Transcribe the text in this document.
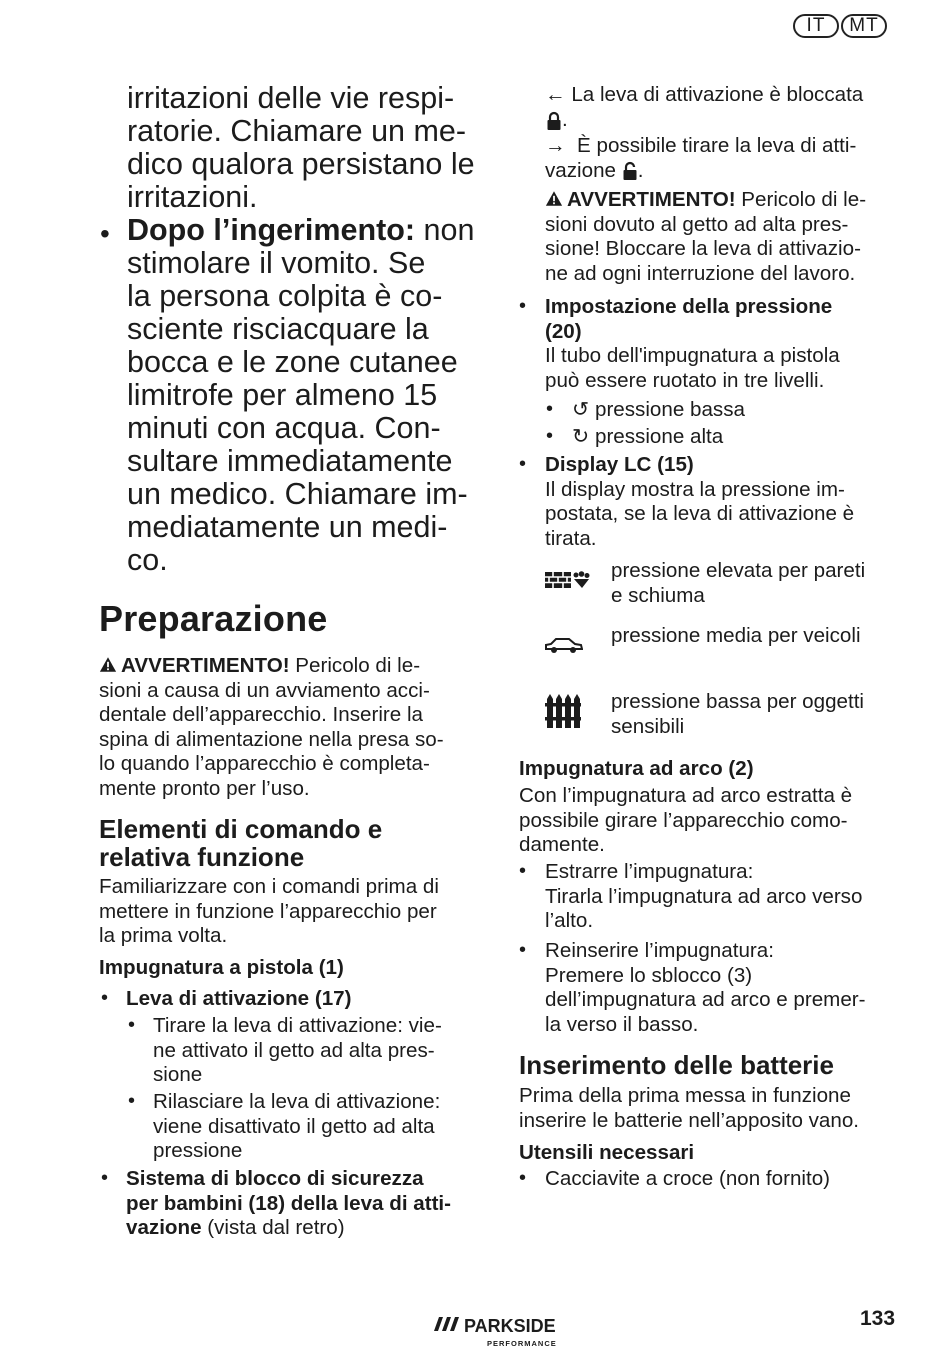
IT	MT
irritazioni delle vie respi-
ratorie. Chiamare un me-
dico qualora persistano le
irritazioni.
• Dopo l’ingerimento: non
stimolare il vomito. Se
la persona colpita è co-
sciente risciacquare la
bocca e le zone cutanee
limitrofe per almeno 15
minuti con acqua. Con-
sultare immediatamente
un medico. Chiamare im-
mediatamente un medi-
co.
Preparazione
AVVERTIMENTO! Pericolo di le-
sioni a causa di un avviamento acci-
dentale dell’apparecchio. Inserire la
spina di alimentazione nella presa so-
lo quando l’apparecchio è completa-
mente pronto per l’uso.
Elementi di comando e
relativa funzione
Familiarizzare con i comandi prima di
mettere in funzione l’apparecchio per
la prima volta.
Impugnatura a pistola (1)
• Leva di attivazione (17)
• Tirare la leva di attivazione: vie-
ne attivato il getto ad alta pres-
sione
• Rilasciare la leva di attivazione:
viene disattivato il getto ad alta
pressione
• Sistema di blocco di sicurezza
per bambini (18) della leva di atti-
vazione (vista dal retro)
← La leva di attivazione è bloccata
.
→ È possibile tirare la leva di atti-
vazione .
AVVERTIMENTO! Pericolo di le-
sioni dovuto al getto ad alta pres-
sione! Bloccare la leva di attivazio-
ne ad ogni interruzione del lavoro.
• Impostazione della pressione
(20)
Il tubo dell'impugnatura a pistola
può essere ruotato in tre livelli.
• ↺ pressione bassa
• ↻ pressione alta
• Display LC (15)
Il display mostra la pressione im-
postata, se la leva di attivazione è
tirata.
pressione elevata per pareti
e schiuma
pressione media per veicoli
pressione bassa per oggetti
sensibili
Impugnatura ad arco (2)
Con l’impugnatura ad arco estratta è
possibile girare l’apparecchio como-
damente.
• Estrarre l’impugnatura:
Tirarla l’impugnatura ad arco verso
l’alto.
• Reinserire l’impugnatura:
Premere lo sblocco (3)
dell’impugnatura ad arco e premer-
la verso il basso.
Inserimento delle batterie
Prima della prima messa in funzione
inserire le batterie nell’apposito vano.
Utensili necessari
• Cacciavite a croce (non fornito)
PARKSIDE
PERFORMANCE
133
